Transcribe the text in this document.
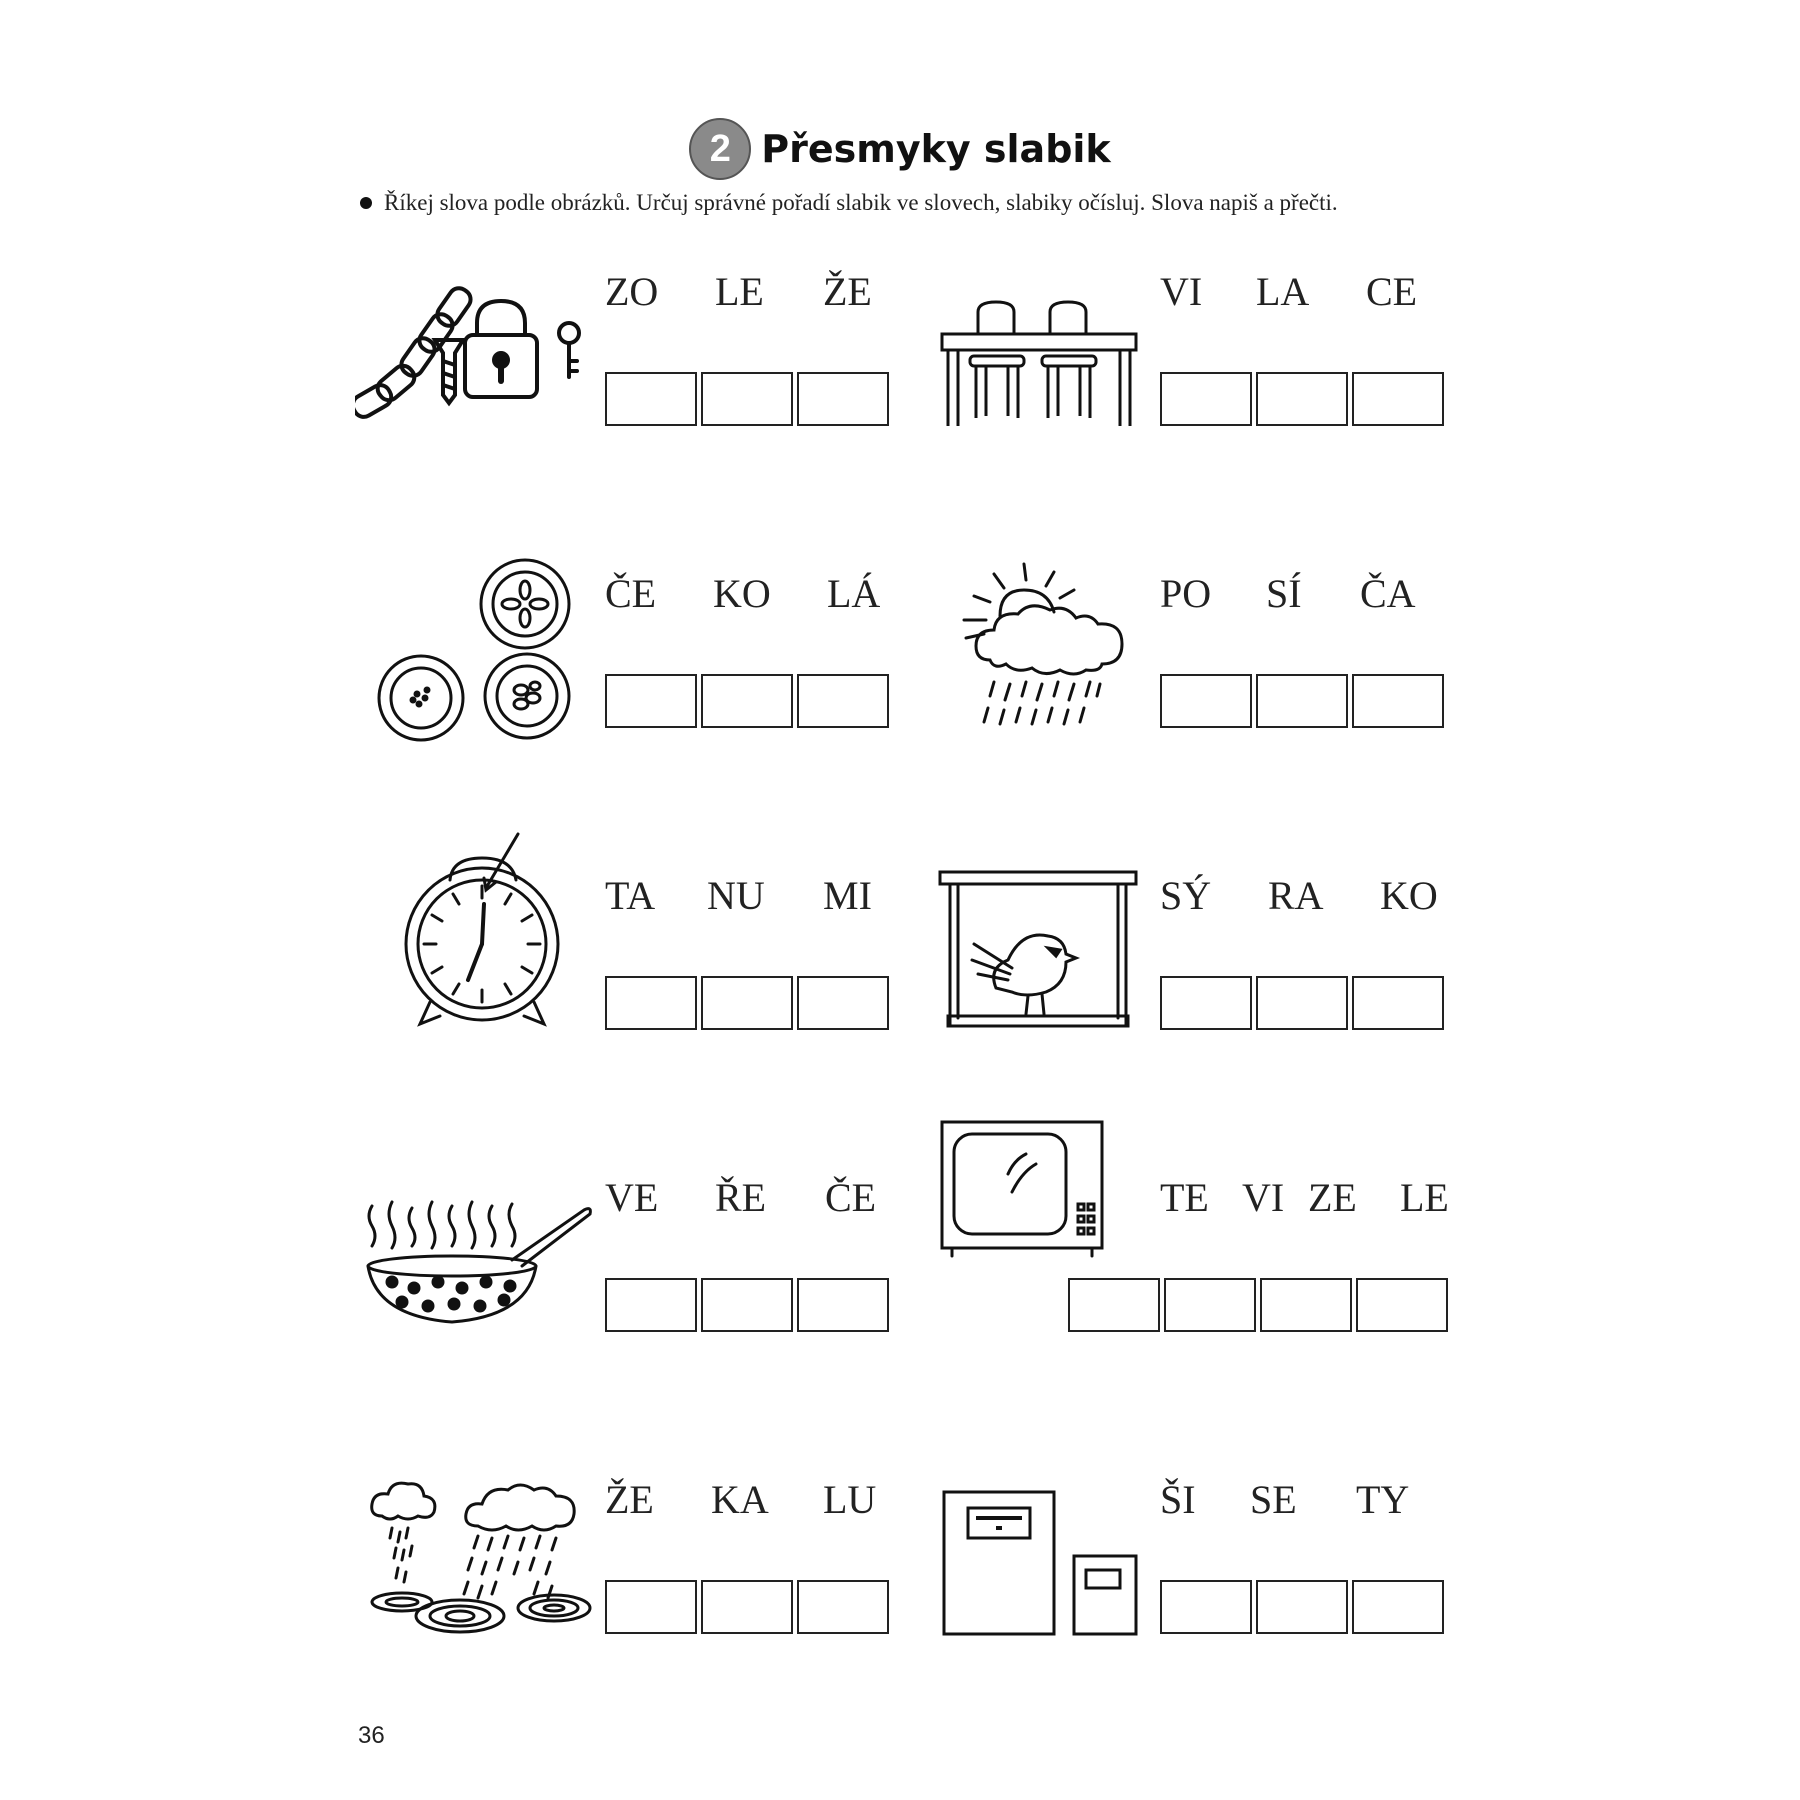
2 Přesmyky slabik
Říkej slova podle obrázků. Určuj správné pořadí slabik ve slovech, slabiky očísluj. Slova napiš a přečti.
ZO LE ŽE	VI LA CE
ČE KO LÁ	PO SÍ ČA
TA NU MI	SÝ RA KO
VE ŘE ČE	TE VI ZE LE
ŽE KA LU	ŠI SE TY
36
